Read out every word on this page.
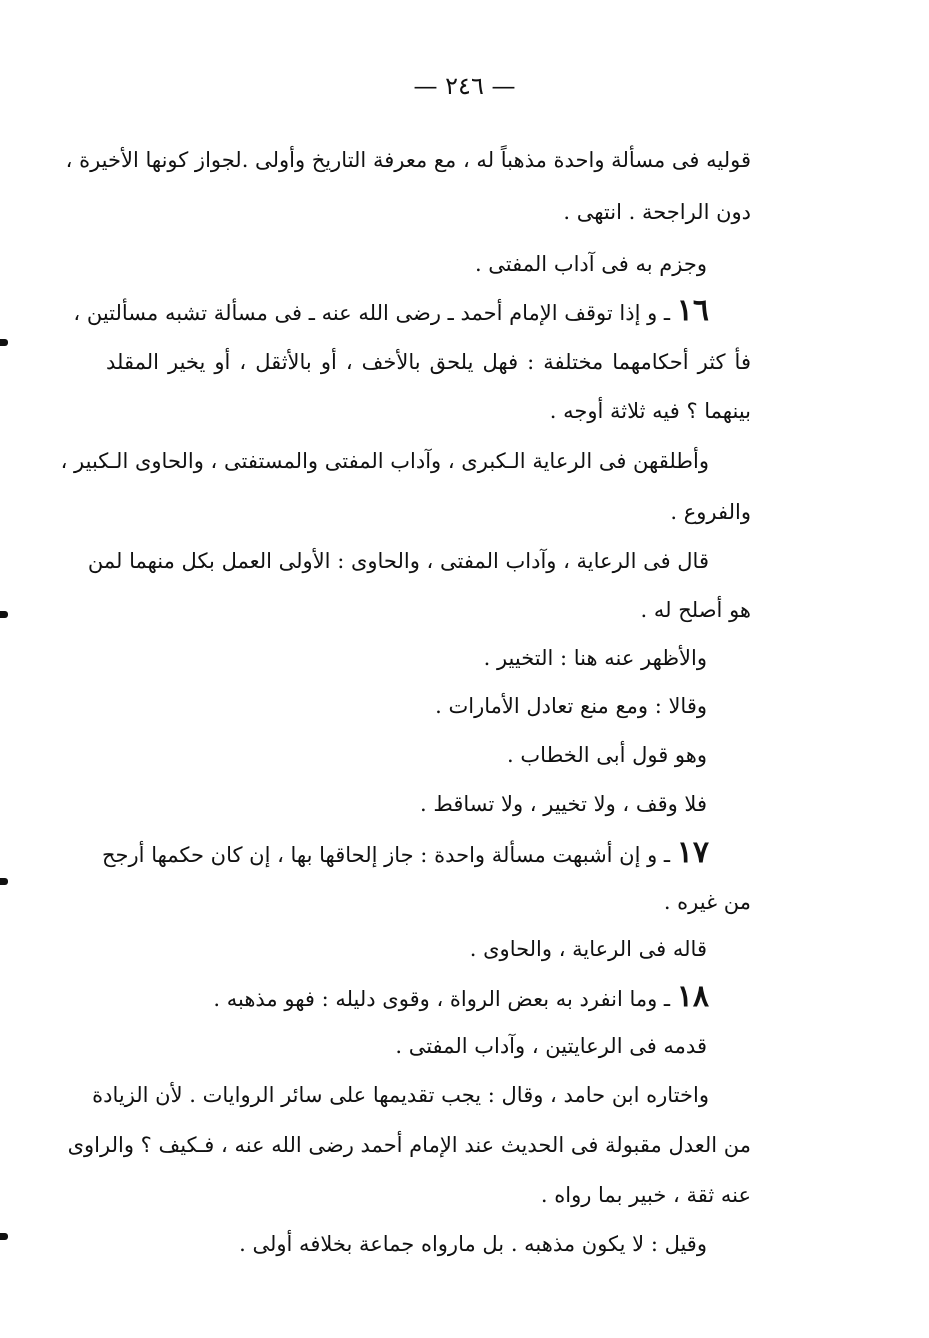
— ٢٤٦ —
قوليه فى مسألة واحدة مذهباً له ، مع معرفة التاريخ وأولى .لجواز كونها الأخيرة ،
دون الراجحة . انتهى .
وجزم به فى آداب المفتى .
١٦ ـ و إذا توقف الإمام أحمد ـ رضى الله عنه ـ فى مسألة تشبه مسألتين ،
فأ كثر أحكامهما مختلفة : فهل يلحق بالأخف ، أو بالأثقل ، أو يخير المقلد
بينهما ؟ فيه ثلاثة أوجه .
وأطلقهن فى الرعاية الـكبرى ، وآداب المفتى والمستفتى ، والحاوى الـكبير ،
والفروع .
قال فى الرعاية ، وآداب المفتى ، والحاوى : الأولى العمل بكل منهما لمن
هو أصلح له .
والأظهر عنه هنا : التخيير .
وقالا : ومع منع تعادل الأمارات .
وهو قول أبى الخطاب .
فلا وقف ، ولا تخيير ، ولا تساقط .
١٧ ـ و إن أشبهت مسألة واحدة : جاز إلحاقها بها ، إن كان حكمها أرجح
من غيره .
قاله فى الرعاية ، والحاوى .
١٨ ـ وما انفرد به بعض الرواة ، وقوى دليله : فهو مذهبه .
قدمه فى الرعايتين ، وآداب المفتى .
واختاره ابن حامد ، وقال : يجب تقديمها على سائر الروايات . لأن الزيادة
من العدل مقبولة فى الحديث عند الإمام أحمد رضى الله عنه ، فـكيف ؟ والراوى
عنه ثقة ، خبير بما رواه .
وقيل : لا يكون مذهبه . بل مارواه جماعة بخلافه أولى .
